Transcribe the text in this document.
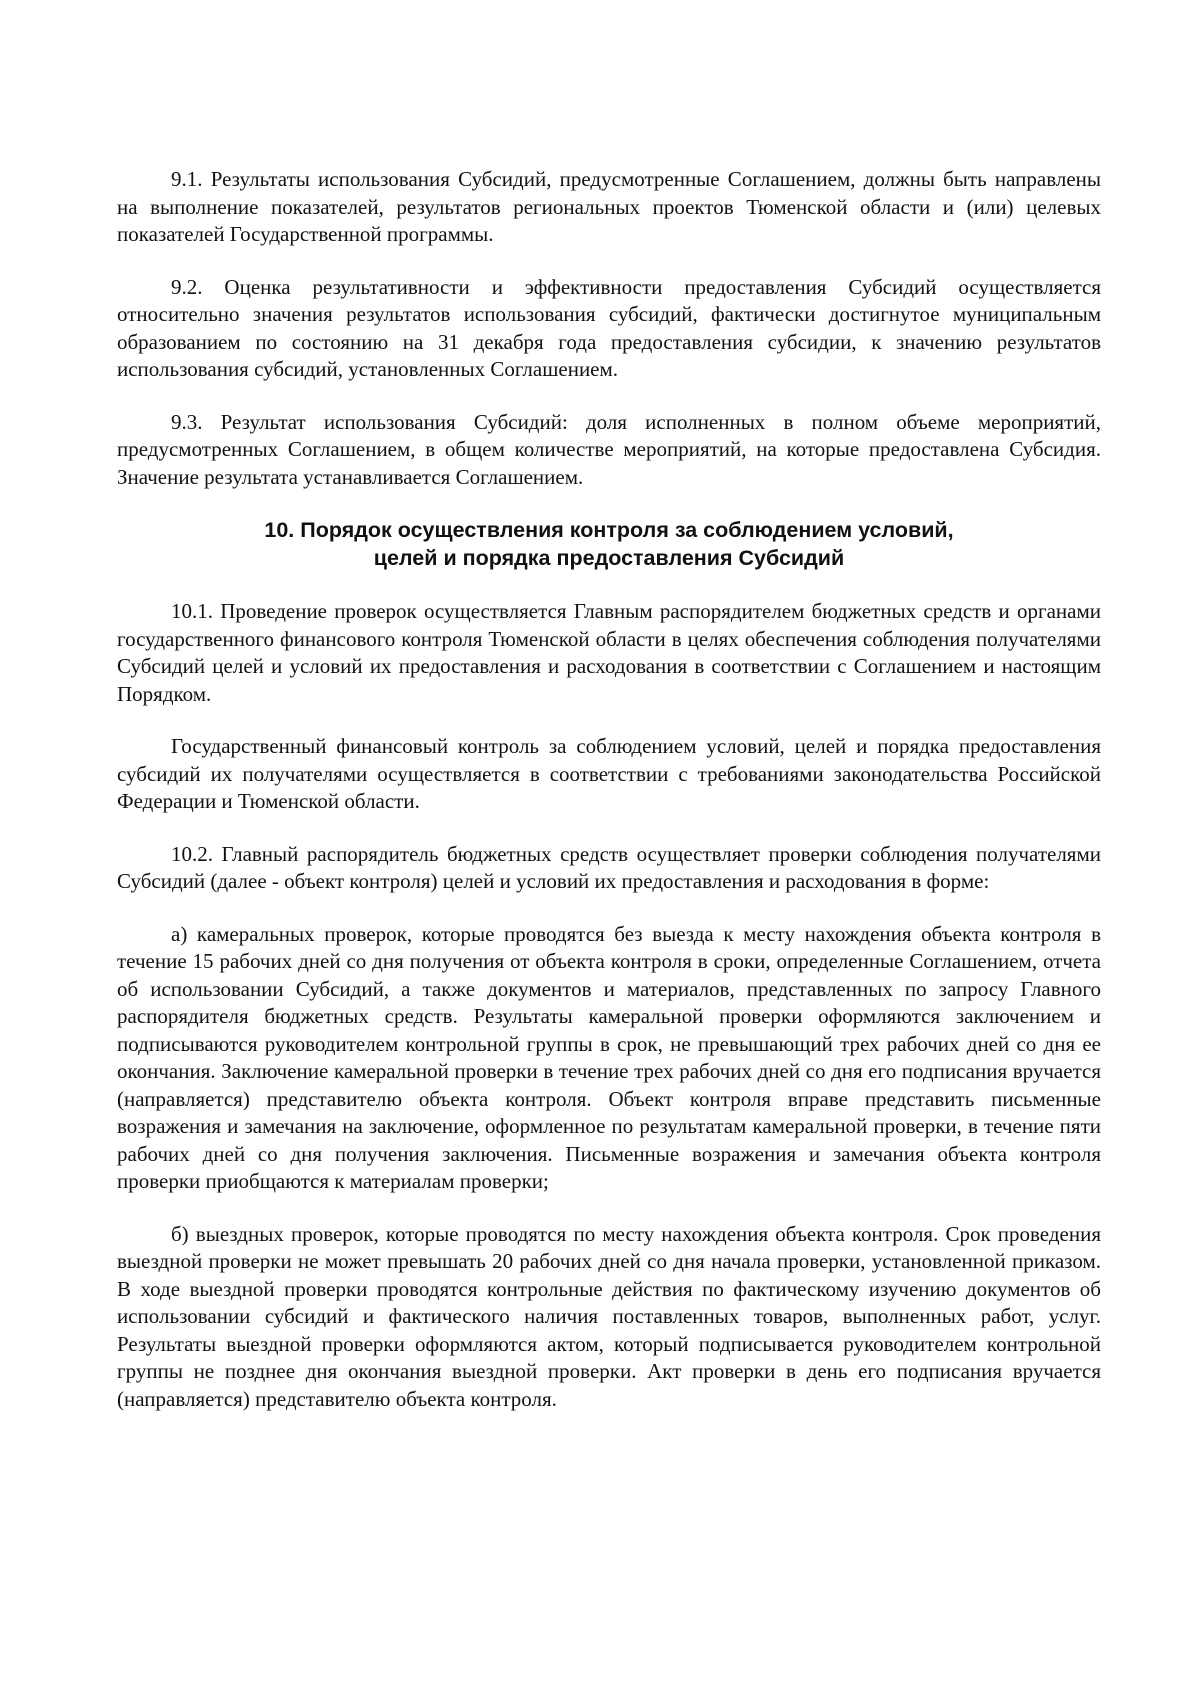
9.1. Результаты использования Субсидий, предусмотренные Соглашением, должны быть направлены на выполнение показателей, результатов региональных проектов Тюменской области и (или) целевых показателей Государственной программы.

9.2. Оценка результативности и эффективности предоставления Субсидий осуществляется относительно значения результатов использования субсидий, фактически достигнутое муниципальным образованием по состоянию на 31 декабря года предоставления субсидии, к значению результатов использования субсидий, установленных Соглашением.

9.3. Результат использования Субсидий: доля исполненных в полном объеме мероприятий, предусмотренных Соглашением, в общем количестве мероприятий, на которые предоставлена Субсидия. Значение результата устанавливается Соглашением.

10. Порядок осуществления контроля за соблюдением условий,
целей и порядка предоставления Субсидий

10.1. Проведение проверок осуществляется Главным распорядителем бюджетных средств и органами государственного финансового контроля Тюменской области в целях обеспечения соблюдения получателями Субсидий целей и условий их предоставления и расходования в соответствии с Соглашением и настоящим Порядком.

Государственный финансовый контроль за соблюдением условий, целей и порядка предоставления субсидий их получателями осуществляется в соответствии с требованиями законодательства Российской Федерации и Тюменской области.

10.2. Главный распорядитель бюджетных средств осуществляет проверки соблюдения получателями Субсидий (далее - объект контроля) целей и условий их предоставления и расходования в форме:

а) камеральных проверок, которые проводятся без выезда к месту нахождения объекта контроля в течение 15 рабочих дней со дня получения от объекта контроля в сроки, определенные Соглашением, отчета об использовании Субсидий, а также документов и материалов, представленных по запросу Главного распорядителя бюджетных средств. Результаты камеральной проверки оформляются заключением и подписываются руководителем контрольной группы в срок, не превышающий трех рабочих дней со дня ее окончания. Заключение камеральной проверки в течение трех рабочих дней со дня его подписания вручается (направляется) представителю объекта контроля. Объект контроля вправе представить письменные возражения и замечания на заключение, оформленное по результатам камеральной проверки, в течение пяти рабочих дней со дня получения заключения. Письменные возражения и замечания объекта контроля проверки приобщаются к материалам проверки;

б) выездных проверок, которые проводятся по месту нахождения объекта контроля. Срок проведения выездной проверки не может превышать 20 рабочих дней со дня начала проверки, установленной приказом. В ходе выездной проверки проводятся контрольные действия по фактическому изучению документов об использовании субсидий и фактического наличия поставленных товаров, выполненных работ, услуг. Результаты выездной проверки оформляются актом, который подписывается руководителем контрольной группы не позднее дня окончания выездной проверки. Акт проверки в день его подписания вручается (направляется) представителю объекта контроля.
